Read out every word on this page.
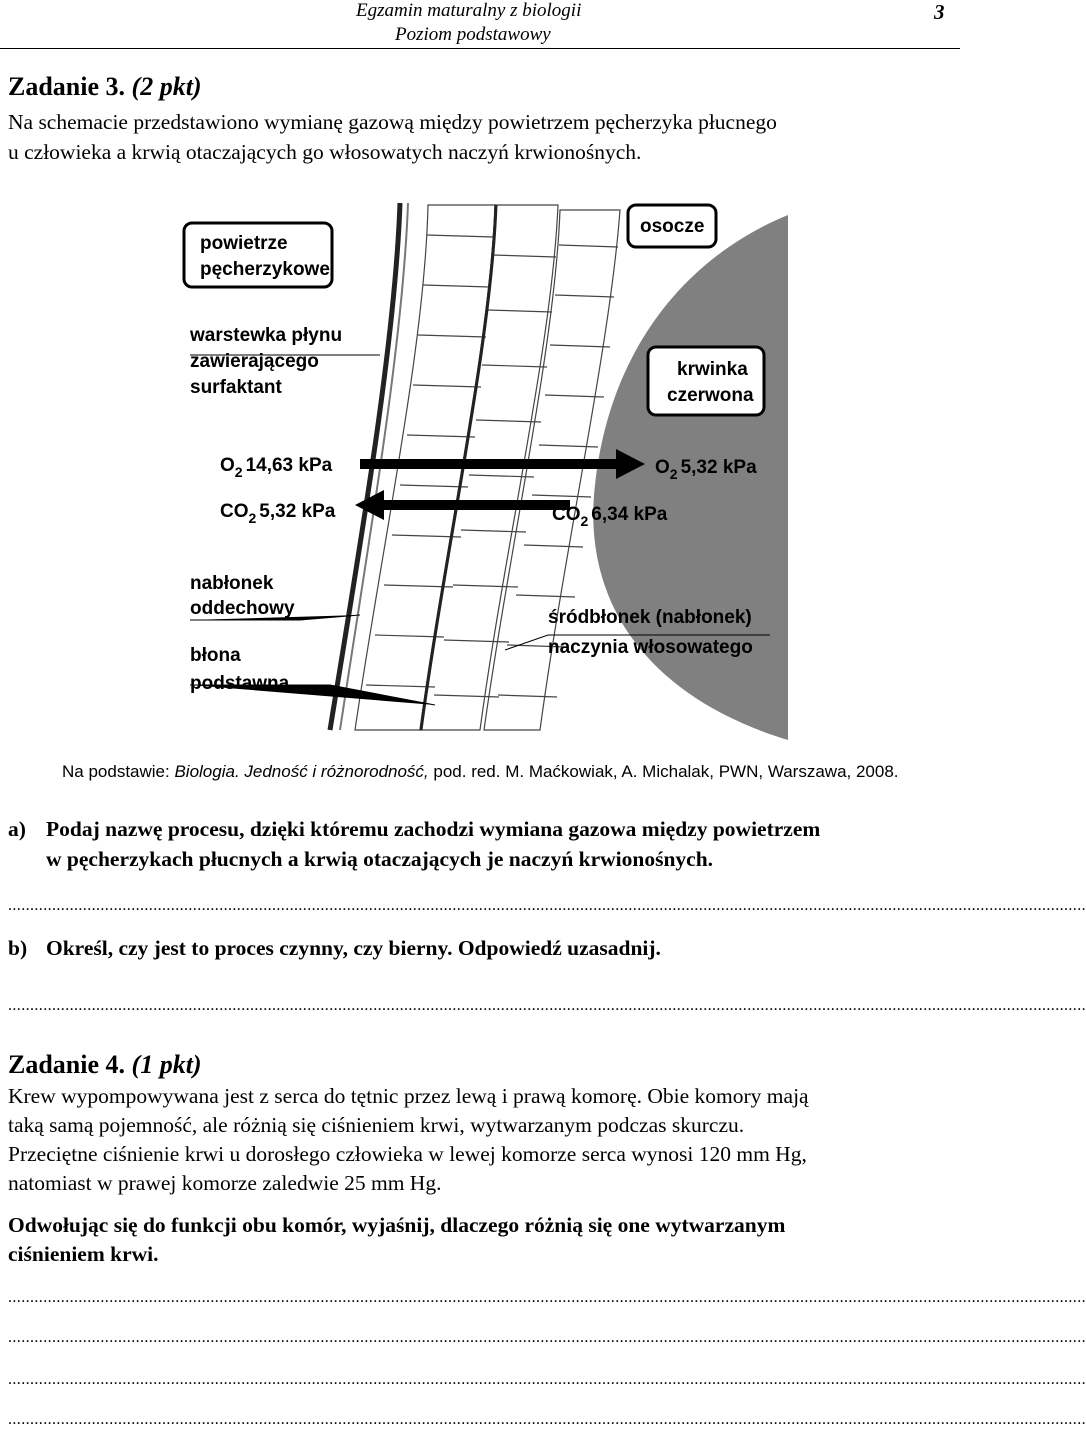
Egzamin maturalny z biologii
Poziom podstawowy
3
Zadanie 3. (2 pkt)
Na schemacie przedstawiono wymianę gazową między powietrzem pęcherzyka płucnego
u człowieka a krwią otaczających go włosowatych naczyń krwionośnych.
powietrze
pęcherzykowe
osocze
warstewka płynu
zawierającego
surfaktant
krwinka
czerwona
$O_2$ 14,63 kPa
$CO_2$ 5,32 kPa
$O_2$ 5,32 kPa
$CO_2$ 6,34 kPa
nabłonek
oddechowy
błona
podstawna
śródbłonek (nabłonek)
naczynia włosowatego
Na podstawie: Biologia. Jedność i różnorodność, pod. red. M. Maćkowiak, A. Michalak, PWN, Warszawa, 2008.
a) Podaj nazwę procesu, dzięki któremu zachodzi wymiana gazowa między powietrzem
w pęcherzykach płucnych a krwią otaczających je naczyń krwionośnych.
.....................................................................................................................................................................................................................................................
b) Określ, czy jest to proces czynny, czy bierny. Odpowiedź uzasadnij.
.....................................................................................................................................................................................................................................................
Zadanie 4. (1 pkt)
Krew wypompowywana jest z serca do tętnic przez lewą i prawą komorę. Obie komory mają
taką samą pojemność, ale różnią się ciśnieniem krwi, wytwarzanym podczas skurczu.
Przeciętne ciśnienie krwi u dorosłego człowieka w lewej komorze serca wynosi 120 mm Hg,
natomiast w prawej komorze zaledwie 25 mm Hg.
Odwołując się do funkcji obu komór, wyjaśnij, dlaczego różnią się one wytwarzanym
ciśnieniem krwi.
.....................................................................................................................................................................................................................................................
.....................................................................................................................................................................................................................................................
.....................................................................................................................................................................................................................................................
.....................................................................................................................................................................................................................................................
